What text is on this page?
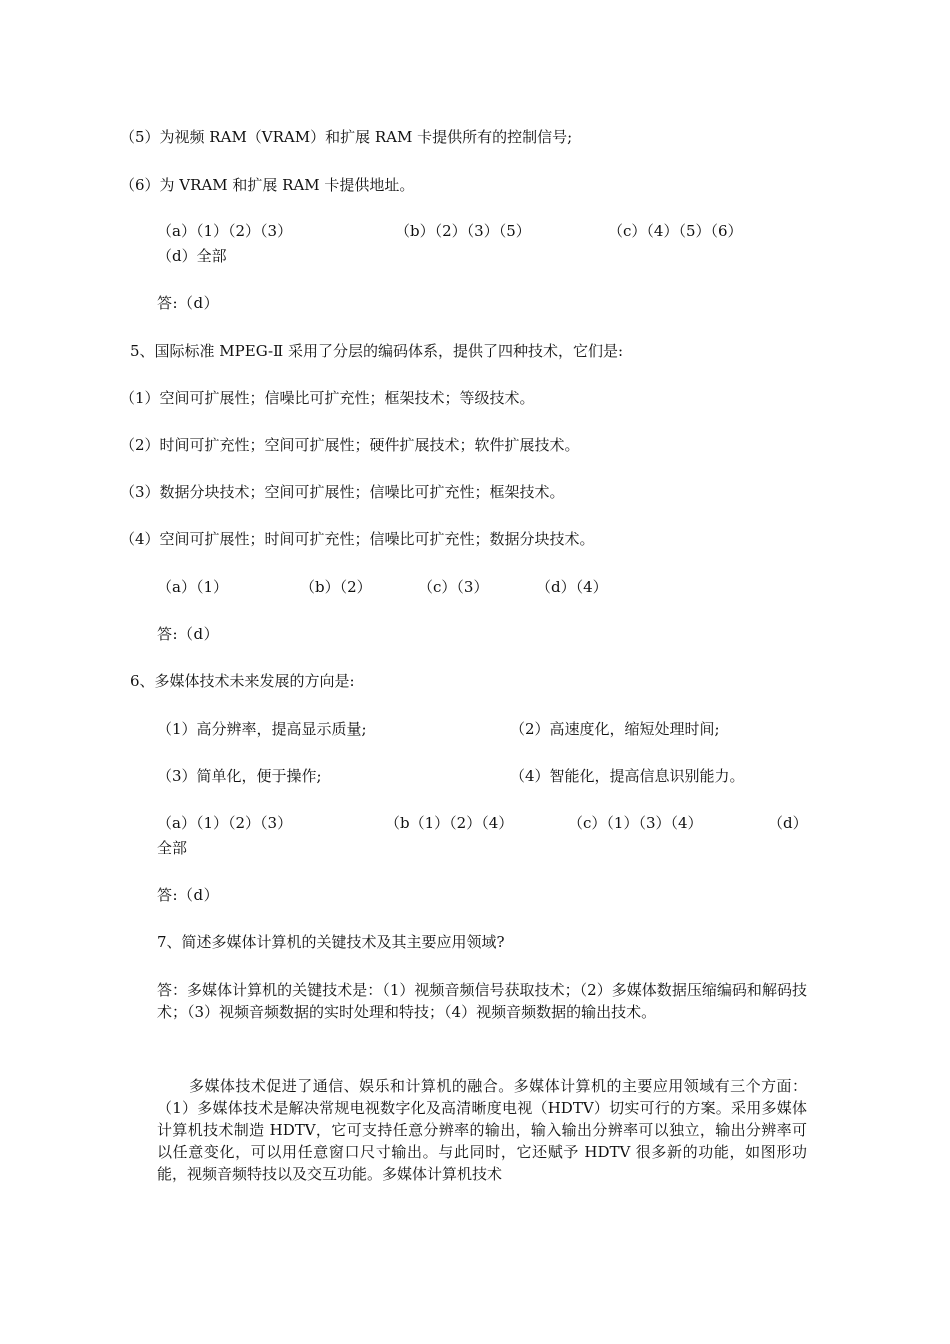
（5）为视频 RAM（VRAM）和扩展 RAM 卡提供所有的控制信号;
（6）为 VRAM 和扩展 RAM 卡提供地址。
（a）（1）（2）（3）	（b）（2）（3）（5）	（c）（4）（5）（6）
（d）全部
答:（d）
5、国际标准 MPEG-Ⅱ 采用了分层的编码体系，提供了四种技术，它们是:
（1）空间可扩展性；信噪比可扩充性；框架技术；等级技术。
（2）时间可扩充性；空间可扩展性；硬件扩展技术；软件扩展技术。
（3）数据分块技术；空间可扩展性；信噪比可扩充性；框架技术。
（4）空间可扩展性；时间可扩充性；信噪比可扩充性；数据分块技术。
（a）（1）	（b）（2）	（c）（3）	（d）（4）
答:（d）
6、多媒体技术未来发展的方向是:
（1）高分辨率，提高显示质量;	（2）高速度化，缩短处理时间;
（3）简单化，便于操作;	（4）智能化，提高信息识别能力。
（a）（1）（2）（3）	（b（1）（2）（4）	（c）（1）（3）（4）	（d）
全部
答:（d）
7、简述多媒体计算机的关键技术及其主要应用领域?
答：多媒体计算机的关键技术是：（1）视频音频信号获取技术；（2）多媒体数据压缩编码和解码技术；（3）视频音频数据的实时处理和特技；（4）视频音频数据的输出技术。
多媒体技术促进了通信、娱乐和计算机的融合。多媒体计算机的主要应用领域有三个方面：（1）多媒体技术是解决常规电视数字化及高清晰度电视（HDTV）切实可行的方案。采用多媒体计算机技术制造 HDTV，它可支持任意分辨率的输出，输入输出分辨率可以独立，输出分辨率可以任意变化，可以用任意窗口尺寸输出。与此同时，它还赋予 HDTV 很多新的功能，如图形功能，视频音频特技以及交互功能。多媒体计算机技术
